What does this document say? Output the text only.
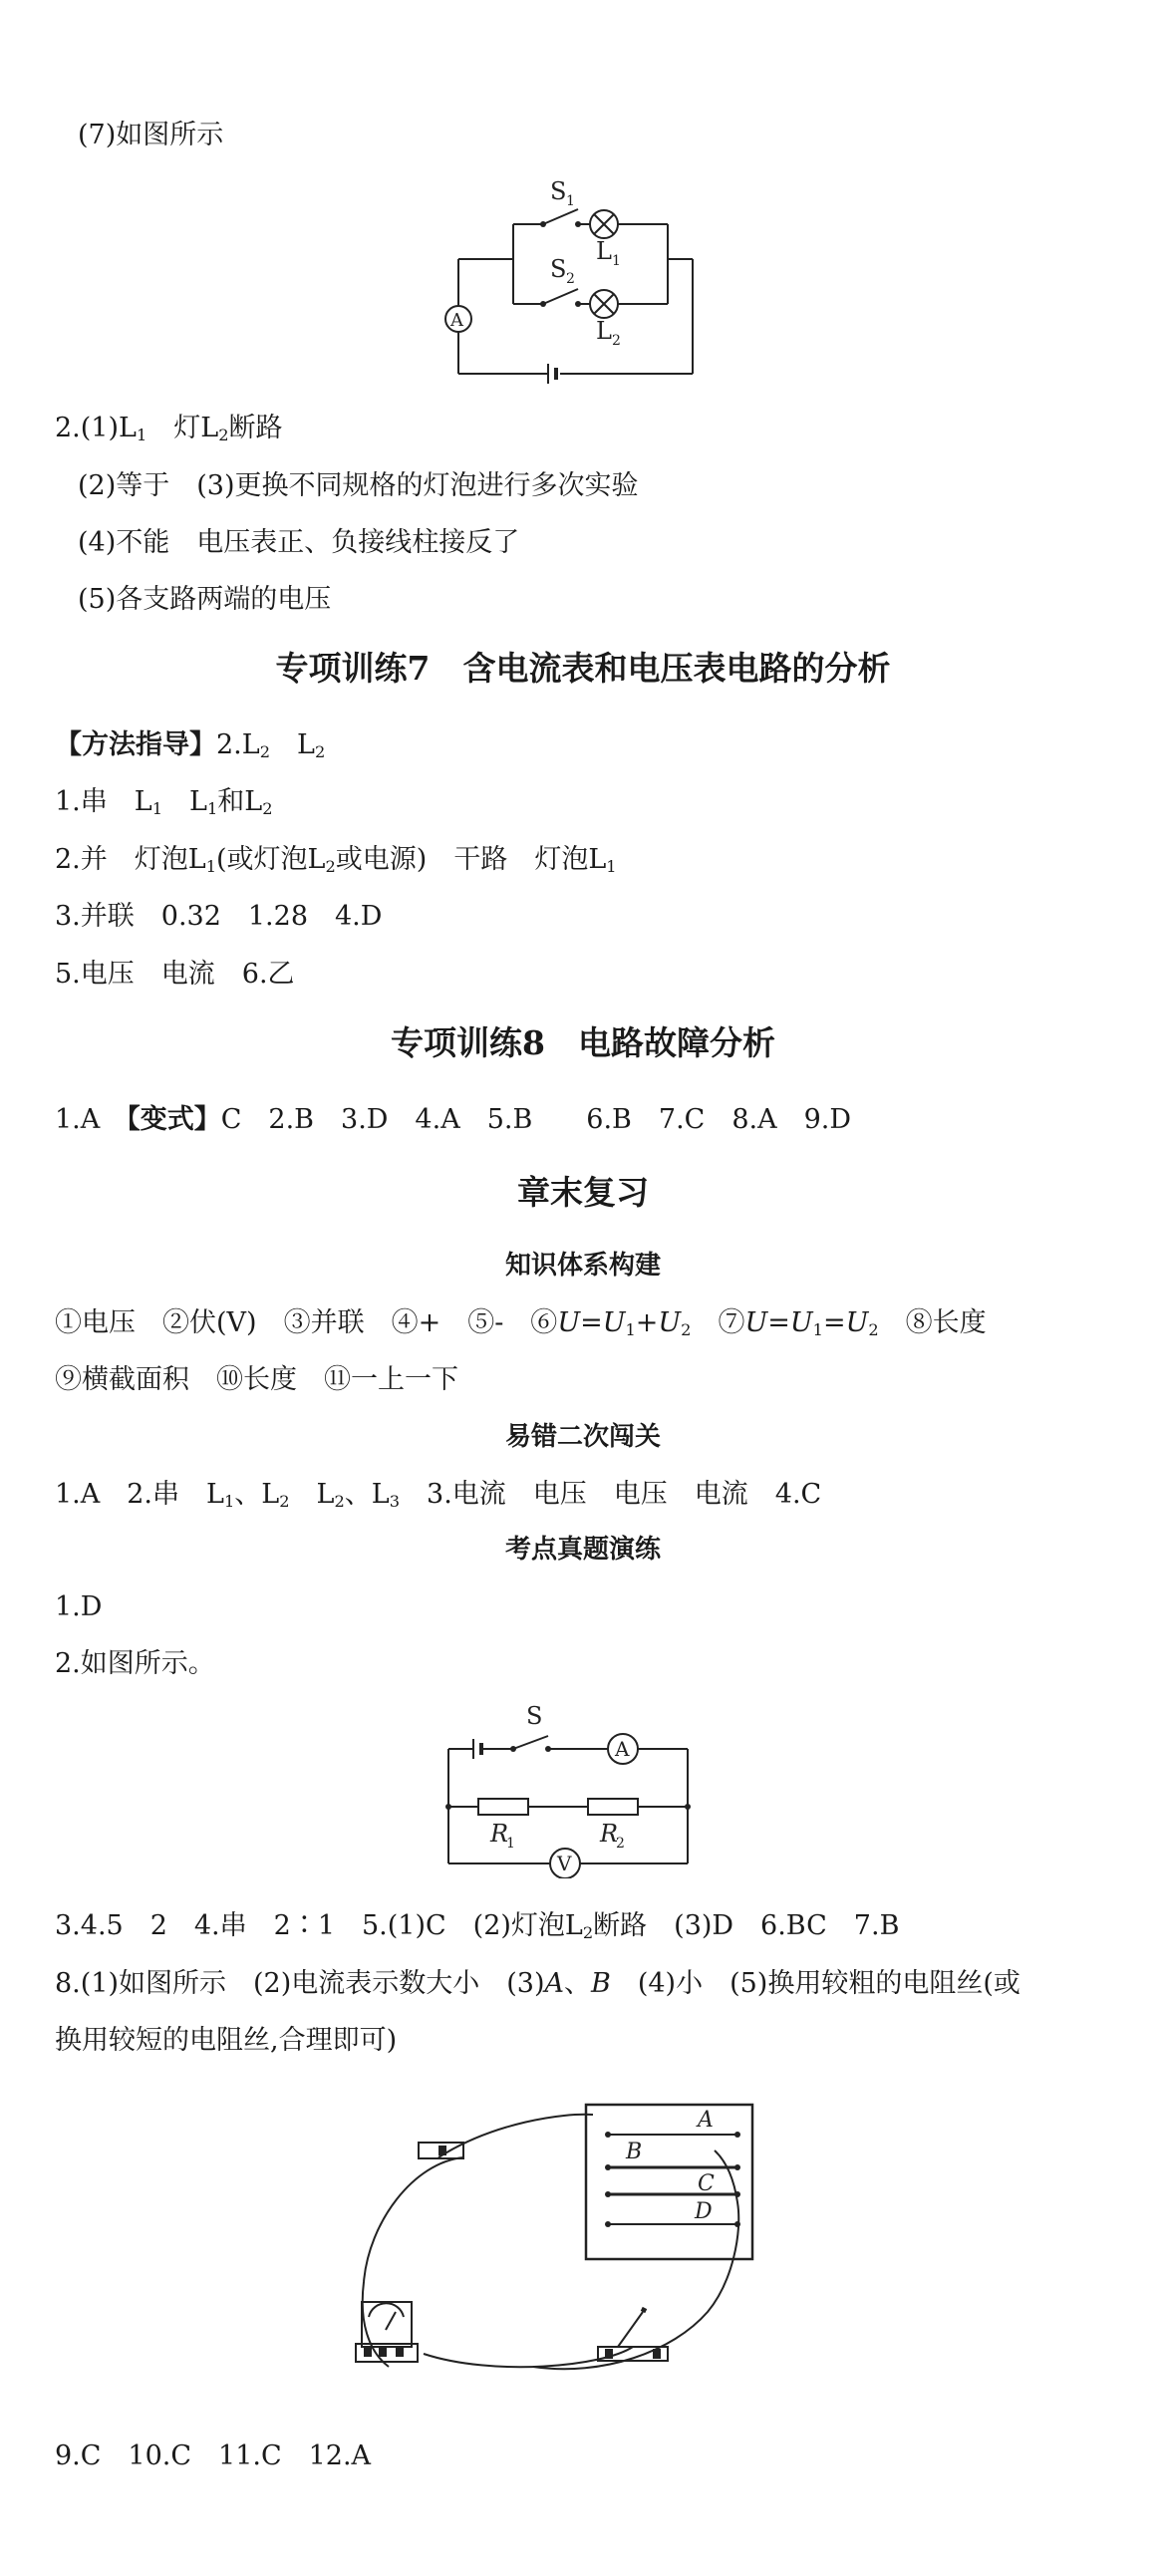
(7)如图所示
S 1
S 2
L 1
L 2
A
$2.(1)L_1$　灯$L_2$断路
(2)等于　(3)更换不同规格的灯泡进行多次实验
(4)不能　电压表正、负接线柱接反了
(5)各支路两端的电压
专项训练7　含电流表和电压表电路的分析
【方法指导】$2.L_2$　$L_2$
1.串　$L_1$　$L_1$和$L_2$
2.并　灯泡$L_1$(或灯泡$L_2$或电源)　干路　灯泡$L_1$
3.并联　0.32　1.28　4.D
5.电压　电流　6.乙
专项训练8　电路故障分析
1.A　【变式】C　2.B　3.D　4.A　5.B　　6.B　7.C　8.A　9.D
章末复习
知识体系构建
①电压　②伏(V)　③并联　④+　⑤-　$⑥U=U_1+U_2$　$⑦U=U_1=U_2$　⑧长度
⑨横截面积　⑩长度　⑪一上一下
易错二次闯关
1.A　2.串　$L_1$、$L_2$　$L_2$、$L_3$　3.电流　电压　电压　电流　4.C
考点真题演练
1.D
2.如图所示。
S
A
V
R
1	R
2
3.4.5　2　4.串　2∶1　5.(1)C　(2)灯泡$L_2$断路　(3)D　6.BC　7.B
8.(1)如图所示　(2)电流表示数大小　(3)A、B　(4)小　(5)换用较粗的电阻丝(或
换用较短的电阻丝,合理即可)
A
B
C
D
9.C　10.C　11.C　12.A
